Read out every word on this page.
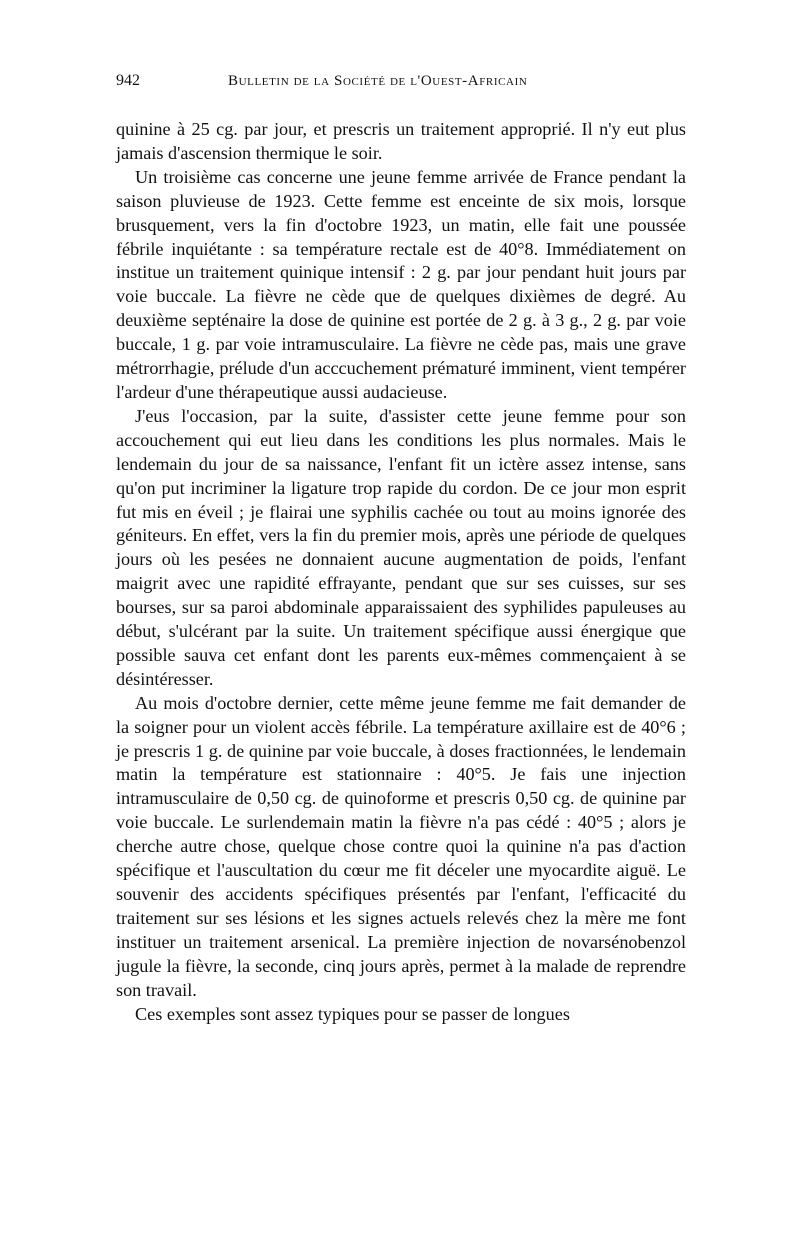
942	Bulletin de la Société de l'Ouest-Africain

quinine à 25 cg. par jour, et prescris un traitement approprié. Il n'y eut plus jamais d'ascension thermique le soir.

Un troisième cas concerne une jeune femme arrivée de France pendant la saison pluvieuse de 1923. Cette femme est enceinte de six mois, lorsque brusquement, vers la fin d'octobre 1923, un matin, elle fait une poussée fébrile inquiétante : sa température rectale est de 40°8. Immédiatement on institue un traitement quinique intensif : 2 g. par jour pendant huit jours par voie buccale. La fièvre ne cède que de quelques dixièmes de degré. Au deuxième septénaire la dose de quinine est portée de 2 g. à 3 g., 2 g. par voie buccale, 1 g. par voie intramusculaire. La fièvre ne cède pas, mais une grave métrorrhagie, prélude d'un acccuchement prématuré imminent, vient tempérer l'ardeur d'une thérapeutique aussi audacieuse.

J'eus l'occasion, par la suite, d'assister cette jeune femme pour son accouchement qui eut lieu dans les conditions les plus normales. Mais le lendemain du jour de sa naissance, l'enfant fit un ictère assez intense, sans qu'on put incriminer la ligature trop rapide du cordon. De ce jour mon esprit fut mis en éveil ; je flairai une syphilis cachée ou tout au moins ignorée des géniteurs. En effet, vers la fin du premier mois, après une période de quelques jours où les pesées ne donnaient aucune augmentation de poids, l'enfant maigrit avec une rapidité effrayante, pendant que sur ses cuisses, sur ses bourses, sur sa paroi abdominale apparaissaient des syphilides papuleuses au début, s'ulcérant par la suite. Un traitement spécifique aussi énergique que possible sauva cet enfant dont les parents eux-mêmes commençaient à se désintéresser.

Au mois d'octobre dernier, cette même jeune femme me fait demander de la soigner pour un violent accès fébrile. La température axillaire est de 40°6 ; je prescris 1 g. de quinine par voie buccale, à doses fractionnées, le lendemain matin la température est stationnaire : 40°5. Je fais une injection intramusculaire de 0,50 cg. de quinoforme et prescris 0,50 cg. de quinine par voie buccale. Le surlendemain matin la fièvre n'a pas cédé : 40°5 ; alors je cherche autre chose, quelque chose contre quoi la quinine n'a pas d'action spécifique et l'auscultation du cœur me fit déceler une myocardite aiguë. Le souvenir des accidents spécifiques présentés par l'enfant, l'efficacité du traitement sur ses lésions et les signes actuels relevés chez la mère me font instituer un traitement arsenical. La première injection de novarsénobenzol jugule la fièvre, la seconde, cinq jours après, permet à la malade de reprendre son travail.

Ces exemples sont assez typiques pour se passer de longues
